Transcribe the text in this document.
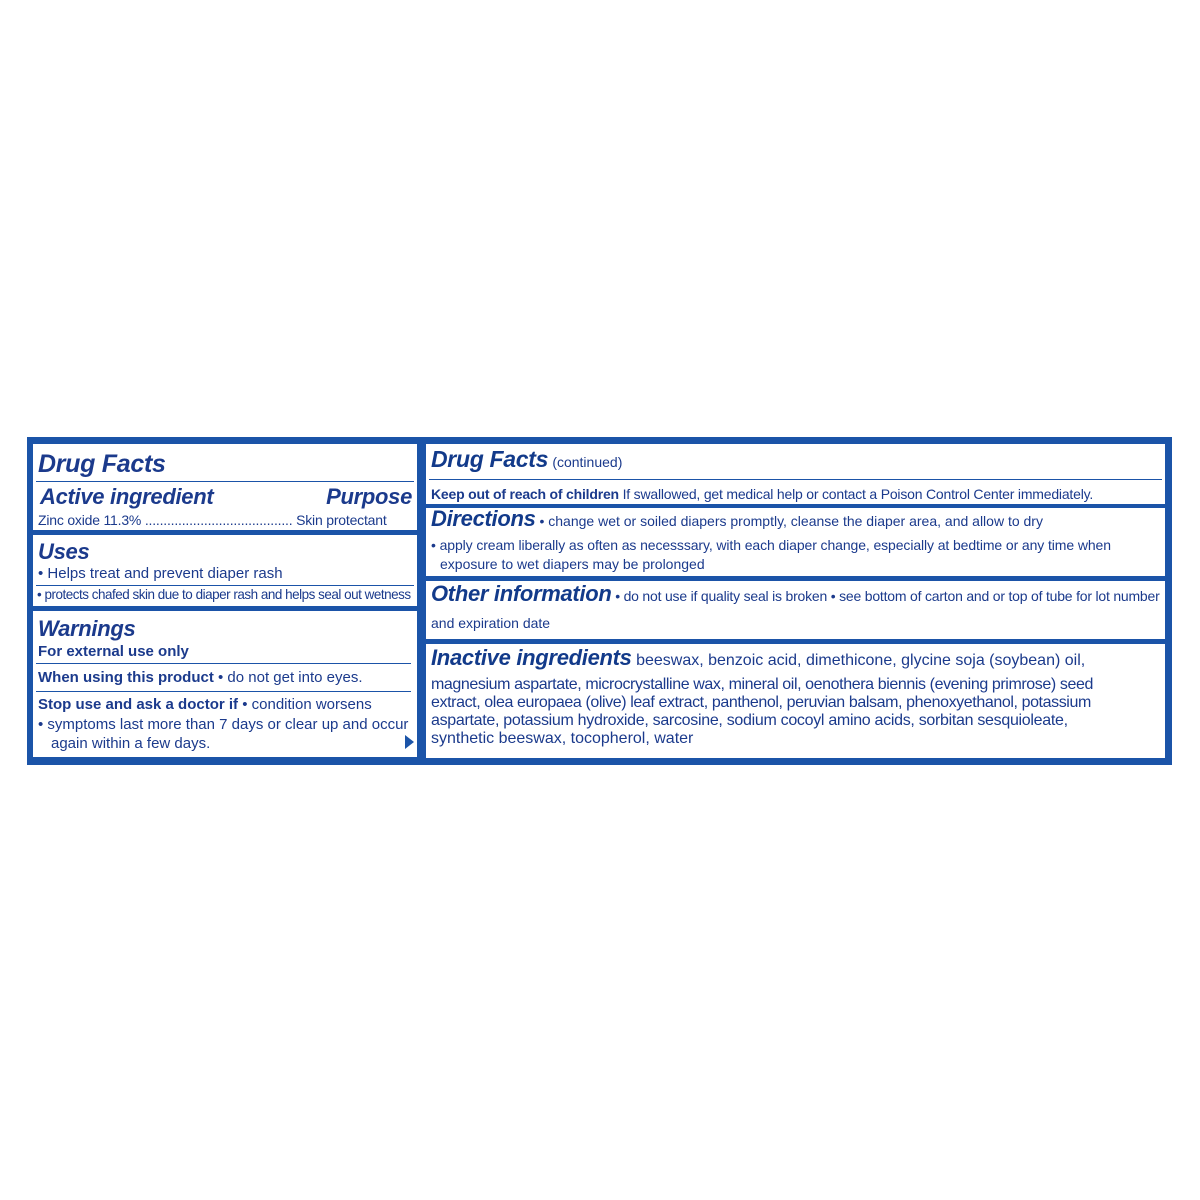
Drug Facts
Active ingredient	Purpose
Zinc oxide 11.3% ........................................ Skin protectant
Uses
• Helps treat and prevent diaper rash
• protects chafed skin due to diaper rash and helps seal out wetness
Warnings
For external use only
When using this product • do not get into eyes.
Stop use and ask a doctor if • condition worsens
• symptoms last more than 7 days or clear up and occur
again within a few days.
Drug Facts (continued)
Keep out of reach of children If swallowed, get medical help or contact a Poison Control Center immediately.
Directions • change wet or soiled diapers promptly, cleanse the diaper area, and allow to dry
• apply cream liberally as often as necesssary, with each diaper change, especially at bedtime or any time when
exposure to wet diapers may be prolonged
Other information • do not use if quality seal is broken • see bottom of carton and or top of tube for lot number
and expiration date
Inactive ingredients beeswax, benzoic acid, dimethicone, glycine soja (soybean) oil,
magnesium aspartate, microcrystalline wax, mineral oil, oenothera biennis (evening primrose) seed
extract, olea europaea (olive) leaf extract, panthenol, peruvian balsam, phenoxyethanol, potassium
aspartate, potassium hydroxide, sarcosine, sodium cocoyl amino acids, sorbitan sesquioleate,
synthetic beeswax, tocopherol, water
